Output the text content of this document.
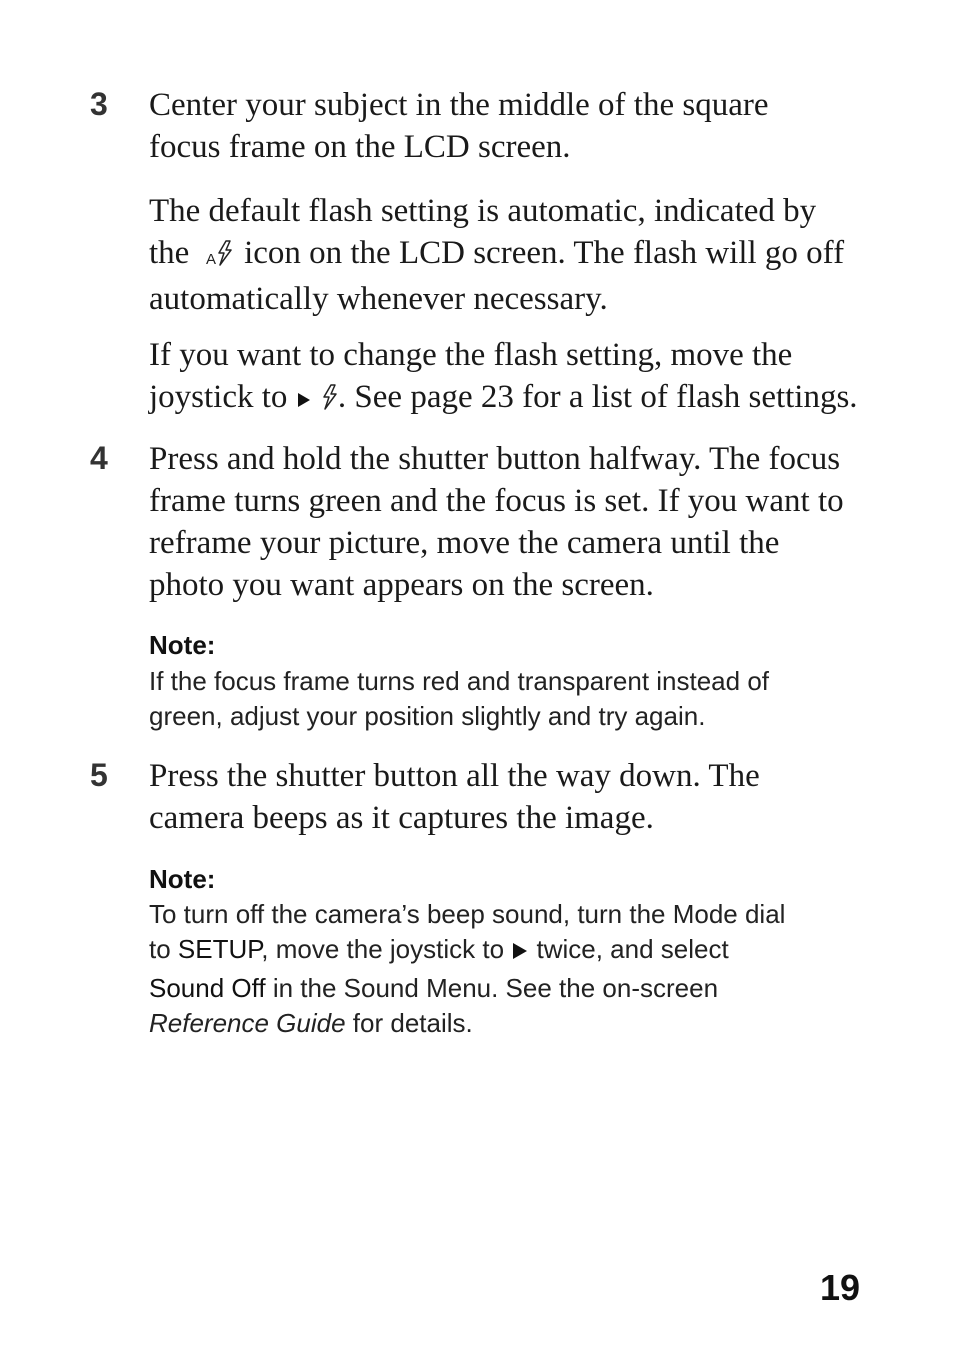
3 Center your subject in the middle of the square
focus frame on the LCD screen.

The default flash setting is automatic, indicated by
the A icon on the LCD screen. The flash will go off
automatically whenever necessary.

If you want to change the flash setting, move the
joystick to . See page 23 for a list of flash settings.

4 Press and hold the shutter button halfway. The focus
frame turns green and the focus is set. If you want to
reframe your picture, move the camera until the
photo you want appears on the screen.

Note:
If the focus frame turns red and transparent instead of
green, adjust your position slightly and try again.
5 Press the shutter button all the way down. The
camera beeps as it captures the image.

Note:
To turn off the camera’s beep sound, turn the Mode dial
to SETUP, move the joystick to twice, and select
Sound Off in the Sound Menu. See the on-screen
Reference Guide for details.
19
